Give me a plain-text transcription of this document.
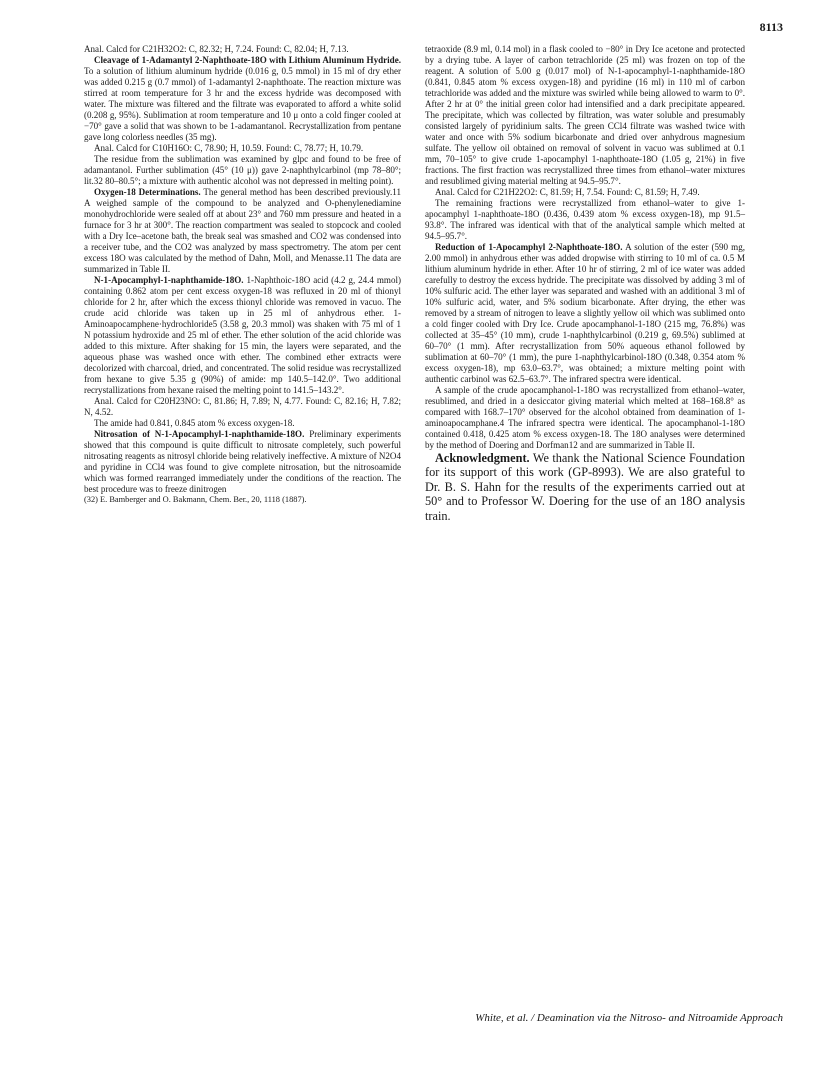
8113

Anal. Calcd for C21H32O2: C, 82.32; H, 7.24. Found: C, 82.04; H, 7.13.

Cleavage of 1-Adamantyl 2-Naphthoate-18O with Lithium Aluminum Hydride. To a solution of lithium aluminum hydride (0.016 g, 0.5 mmol) in 15 ml of dry ether was added 0.215 g (0.7 mmol) of 1-adamantyl 2-naphthoate. The reaction mixture was stirred at room temperature for 3 hr and the excess hydride was decomposed with water. The mixture was filtered and the filtrate was evaporated to afford a white solid (0.208 g, 95%). Sublimation at room temperature and 10 μ onto a cold finger cooled at −70° gave a solid that was shown to be 1-adamantanol. Recrystallization from pentane gave long colorless needles (35 mg).

Anal. Calcd for C10H16O: C, 78.90; H, 10.59. Found: C, 78.77; H, 10.79.

The residue from the sublimation was examined by glpc and found to be free of adamantanol. Further sublimation (45° (10 μ)) gave 2-naphthylcarbinol (mp 78–80°; lit.32 80–80.5°; a mixture with authentic alcohol was not depressed in melting point).

Oxygen-18 Determinations. The general method has been described previously.11 A weighed sample of the compound to be analyzed and O-phenylenediamine monohydrochloride were sealed off at about 23° and 760 mm pressure and heated in a furnace for 3 hr at 300°. The reaction compartment was sealed to stopcock and cooled with a Dry Ice–acetone bath, the break seal was smashed and CO2 was condensed into a receiver tube, and the CO2 was analyzed by mass spectrometry. The atom per cent excess 18O was calculated by the method of Dahn, Moll, and Menasse.11 The data are summarized in Table II.

N-1-Apocamphyl-1-naphthamide-18O. 1-Naphthoic-18O acid (4.2 g, 24.4 mmol) containing 0.862 atom per cent excess oxygen-18 was refluxed in 20 ml of thionyl chloride for 2 hr, after which the excess thionyl chloride was removed in vacuo. The crude acid chloride was taken up in 25 ml of anhydrous ether. 1-Aminoapocamphene·hydrochloride5 (3.58 g, 20.3 mmol) was shaken with 75 ml of 1 N potassium hydroxide and 25 ml of ether. The ether solution of the acid chloride was added to this mixture. After shaking for 15 min, the layers were separated, and the aqueous phase was washed once with ether. The combined ether extracts were decolorized with charcoal, dried, and concentrated. The solid residue was recrystallized from hexane to give 5.35 g (90%) of amide: mp 140.5–142.0°. Two additional recrystallizations from hexane raised the melting point to 141.5–143.2°.

Anal. Calcd for C20H23NO: C, 81.86; H, 7.89; N, 4.77. Found: C, 82.16; H, 7.82; N, 4.52.

The amide had 0.841, 0.845 atom % excess oxygen-18.

Nitrosation of N-1-Apocamphyl-1-naphthamide-18O. Preliminary experiments showed that this compound is quite difficult to nitrosate completely, such powerful nitrosating reagents as nitrosyl chloride being relatively ineffective. A mixture of N2O4 and pyridine in CCl4 was found to give complete nitrosation, but the nitrosoamide which was formed rearranged immediately under the conditions of the reaction. The best procedure was to freeze dinitrogen

(32) E. Bamberger and O. Bakmann, Chem. Ber., 20, 1118 (1887).

tetraoxide (8.9 ml, 0.14 mol) in a flask cooled to −80° in Dry Ice acetone and protected by a drying tube. A layer of carbon tetrachloride (25 ml) was frozen on top of the reagent. A solution of 5.00 g (0.017 mol) of N-1-apocamphyl-1-naphthamide-18O (0.841, 0.845 atom % excess oxygen-18) and pyridine (16 ml) in 110 ml of carbon tetrachloride was added and the mixture was swirled while being allowed to warm to 0°. After 2 hr at 0° the initial green color had intensified and a dark precipitate appeared. The precipitate, which was collected by filtration, was water soluble and presumably consisted largely of pyridinium salts. The green CCl4 filtrate was washed twice with water and once with 5% sodium bicarbonate and dried over anhydrous magnesium sulfate. The yellow oil obtained on removal of solvent in vacuo was sublimed at 0.1 mm, 70–105° to give crude 1-apocamphyl 1-naphthoate-18O (1.05 g, 21%) in five fractions. The first fraction was recrystallized three times from ethanol–water mixtures and resublimed giving material melting at 94.5–95.7°.

Anal. Calcd for C21H22O2: C, 81.59; H, 7.54. Found: C, 81.59; H, 7.49.

The remaining fractions were recrystallized from ethanol–water to give 1-apocamphyl 1-naphthoate-18O (0.436, 0.439 atom % excess oxygen-18), mp 91.5–93.8°. The infrared was identical with that of the analytical sample which melted at 94.5–95.7°.

Reduction of 1-Apocamphyl 2-Naphthoate-18O. A solution of the ester (590 mg, 2.00 mmol) in anhydrous ether was added dropwise with stirring to 10 ml of ca. 0.5 M lithium aluminum hydride in ether. After 10 hr of stirring, 2 ml of ice water was added carefully to destroy the excess hydride. The precipitate was dissolved by adding 3 ml of 10% sulfuric acid. The ether layer was separated and washed with an additional 3 ml of 10% sulfuric acid, water, and 5% sodium bicarbonate. After drying, the ether was removed by a stream of nitrogen to leave a slightly yellow oil which was sublimed onto a cold finger cooled with Dry Ice. Crude apocamphanol-1-18O (215 mg, 76.8%) was collected at 35–45° (10 mm), crude 1-naphthylcarbinol (0.219 g, 69.5%) sublimed at 60–70° (1 mm). After recrystallization from 50% aqueous ethanol followed by sublimation at 60–70° (1 mm), the pure 1-naphthylcarbinol-18O (0.348, 0.354 atom % excess oxygen-18), mp 63.0–63.7°, was obtained; a mixture melting point with authentic carbinol was 62.5–63.7°. The infrared spectra were identical.

A sample of the crude apocamphanol-1-18O was recrystallized from ethanol–water, resublimed, and dried in a desiccator giving material which melted at 168–168.8° as compared with 168.7–170° observed for the alcohol obtained from deamination of 1-aminoapocamphane.4 The infrared spectra were identical. The apocamphanol-1-18O contained 0.418, 0.425 atom % excess oxygen-18. The 18O analyses were determined by the method of Doering and Dorfman12 and are summarized in Table II.

Acknowledgment. We thank the National Science Foundation for its support of this work (GP-8993). We are also grateful to Dr. B. S. Hahn for the results of the experiments carried out at 50° and to Professor W. Doering for the use of an 18O analysis train.

White, et al. / Deamination via the Nitroso- and Nitroamide Approach
